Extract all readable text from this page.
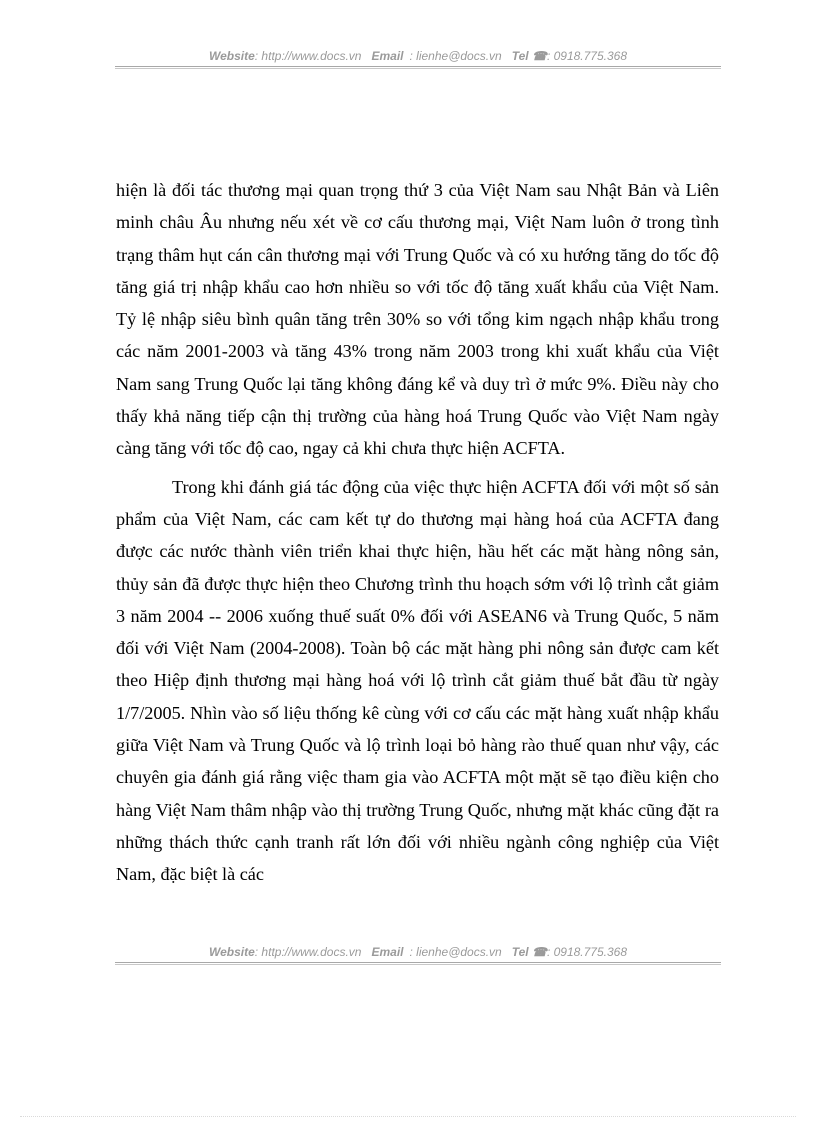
Website: http://www.docs.vn Email : lienhe@docs.vn Tel ☎: 0918.775.368

hiện là đối tác thương mại quan trọng thứ 3 của Việt Nam sau Nhật Bản và Liên minh châu Âu nhưng nếu xét về cơ cấu thương mại, Việt Nam luôn ở trong tình trạng thâm hụt cán cân thương mại với Trung Quốc và có xu hướng tăng do tốc độ tăng giá trị nhập khẩu cao hơn nhiều so với tốc độ tăng xuất khẩu của Việt Nam. Tỷ lệ nhập siêu bình quân tăng trên 30% so với tổng kim ngạch nhập khẩu trong các năm 2001-2003 và tăng 43% trong năm 2003 trong khi xuất khẩu của Việt Nam sang Trung Quốc lại tăng không đáng kể và duy trì ở mức 9%. Điều này cho thấy khả năng tiếp cận thị trường của hàng hoá Trung Quốc vào Việt Nam ngày càng tăng với tốc độ cao, ngay cả khi chưa thực hiện ACFTA.

Trong khi đánh giá tác động của việc thực hiện ACFTA đối với một số sản phẩm của Việt Nam, các cam kết tự do thương mại hàng hoá của ACFTA đang được các nước thành viên triển khai thực hiện, hầu hết các mặt hàng nông sản, thủy sản đã được thực hiện theo Chương trình thu hoạch sớm với lộ trình cắt giảm 3 năm 2004 -- 2006 xuống thuế suất 0% đối với ASEAN6 và Trung Quốc, 5 năm đối với Việt Nam (2004-2008). Toàn bộ các mặt hàng phi nông sản được cam kết theo Hiệp định thương mại hàng hoá với lộ trình cắt giảm thuế bắt đầu từ ngày 1/7/2005. Nhìn vào số liệu thống kê cùng với cơ cấu các mặt hàng xuất nhập khẩu giữa Việt Nam và Trung Quốc và lộ trình loại bỏ hàng rào thuế quan như vậy, các chuyên gia đánh giá rằng việc tham gia vào ACFTA một mặt sẽ tạo điều kiện cho hàng Việt Nam thâm nhập vào thị trường Trung Quốc, nhưng mặt khác cũng đặt ra những thách thức cạnh tranh rất lớn đối với nhiều ngành công nghiệp của Việt Nam, đặc biệt là các

Website: http://www.docs.vn Email : lienhe@docs.vn Tel ☎: 0918.775.368
